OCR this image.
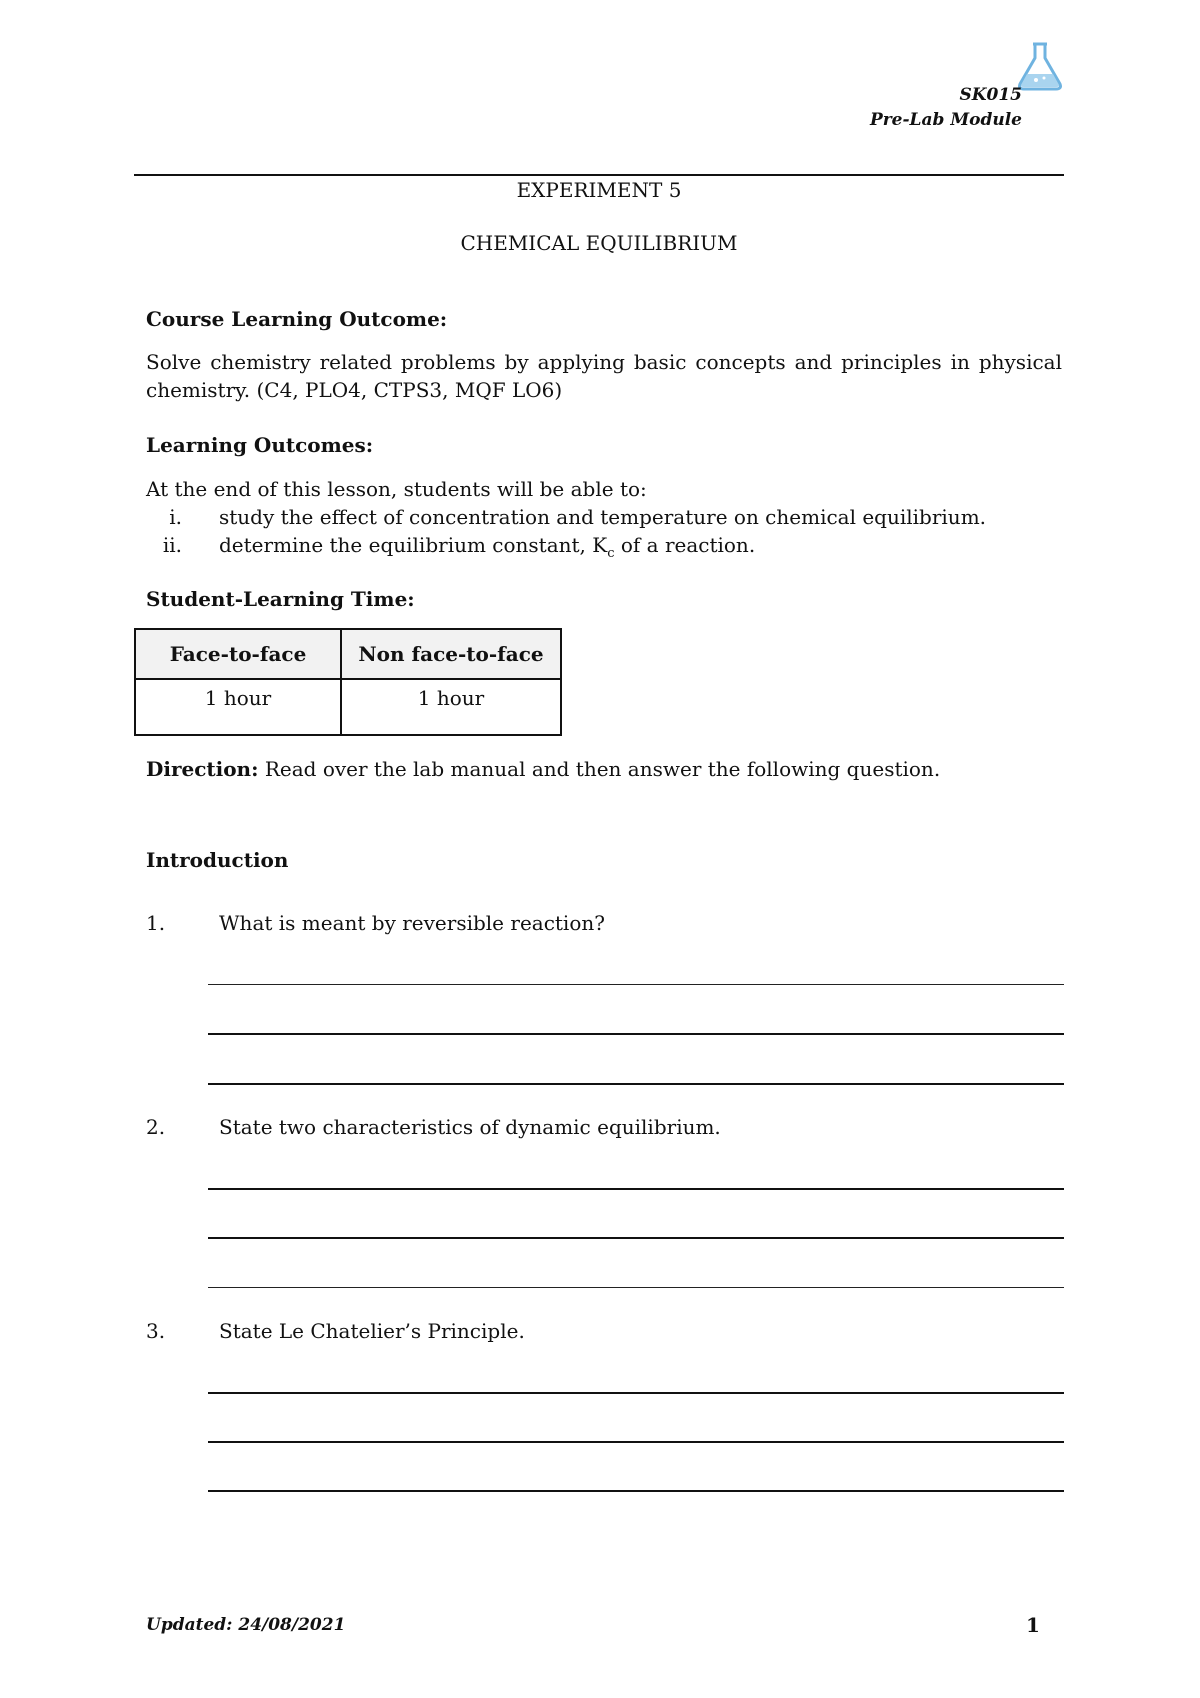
SK015
Pre-Lab Module
EXPERIMENT 5
CHEMICAL EQUILIBRIUM
Course Learning Outcome:
Solve chemistry related problems by applying basic concepts and principles in physical chemistry. (C4, PLO4, CTPS3, MQF LO6)
Learning Outcomes:
At the end of this lesson, students will be able to:
i. study the effect of concentration and temperature on chemical equilibrium.
ii. determine the equilibrium constant, $K_c$ of a reaction.
Student-Learning Time:
Face-to-face	Non face-to-face
1 hour	1 hour
Direction: Read over the lab manual and then answer the following question.
Introduction
1.	What is meant by reversible reaction?
2.	State two characteristics of dynamic equilibrium.
3.	State Le Chatelier’s Principle.
Updated: 24/08/2021	1
